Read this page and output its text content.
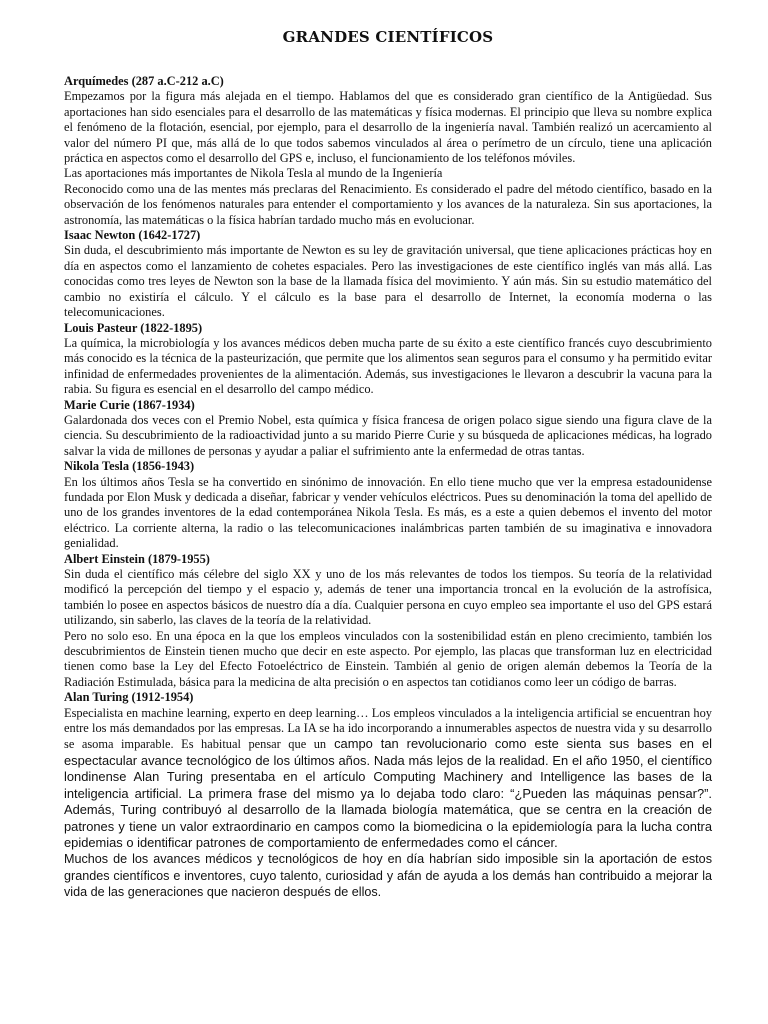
GRANDES CIENTÍFICOS

Arquímedes (287 a.C-212 a.C)

Empezamos por la figura más alejada en el tiempo. Hablamos del que es considerado gran científico de la Antigüedad. Sus aportaciones han sido esenciales para el desarrollo de las matemáticas y física modernas. El principio que lleva su nombre explica el fenómeno de la flotación, esencial, por ejemplo, para el desarrollo de la ingeniería naval. También realizó un acercamiento al valor del número PI que, más allá de lo que todos sabemos vinculados al área o perímetro de un círculo, tiene una aplicación práctica en aspectos como el desarrollo del GPS e, incluso, el funcionamiento de los teléfonos móviles.

Las aportaciones más importantes de Nikola Tesla al mundo de la Ingeniería

Reconocido como una de las mentes más preclaras del Renacimiento. Es considerado el padre del método científico, basado en la observación de los fenómenos naturales para entender el comportamiento y los avances de la naturaleza. Sin sus aportaciones, la astronomía, las matemáticas o la física habrían tardado mucho más en evolucionar.

Isaac Newton (1642-1727)

Sin duda, el descubrimiento más importante de Newton es su ley de gravitación universal, que tiene aplicaciones prácticas hoy en día en aspectos como el lanzamiento de cohetes espaciales. Pero las investigaciones de este científico inglés van más allá. Las conocidas como tres leyes de Newton son la base de la llamada física del movimiento. Y aún más. Sin su estudio matemático del cambio no existiría el cálculo. Y el cálculo es la base para el desarrollo de Internet, la economía moderna o las telecomunicaciones.

Louis Pasteur (1822-1895)

La química, la microbiología y los avances médicos deben mucha parte de su éxito a este científico francés cuyo descubrimiento más conocido es la técnica de la pasteurización, que permite que los alimentos sean seguros para el consumo y ha permitido evitar infinidad de enfermedades provenientes de la alimentación. Además, sus investigaciones le llevaron a descubrir la vacuna para la rabia. Su figura es esencial en el desarrollo del campo médico.

Marie Curie (1867-1934)

Galardonada dos veces con el Premio Nobel, esta química y física francesa de origen polaco sigue siendo una figura clave de la ciencia. Su descubrimiento de la radioactividad junto a su marido Pierre Curie y su búsqueda de aplicaciones médicas, ha logrado salvar la vida de millones de personas y ayudar a paliar el sufrimiento ante la enfermedad de otras tantas.

Nikola Tesla (1856-1943)

En los últimos años Tesla se ha convertido en sinónimo de innovación. En ello tiene mucho que ver la empresa estadounidense fundada por Elon Musk y dedicada a diseñar, fabricar y vender vehículos eléctricos. Pues su denominación la toma del apellido de uno de los grandes inventores de la edad contemporánea Nikola Tesla. Es más, es a este a quien debemos el invento del motor eléctrico. La corriente alterna, la radio o las telecomunicaciones inalámbricas parten también de su imaginativa e innovadora genialidad.

Albert Einstein (1879-1955)

Sin duda el científico más célebre del siglo XX y uno de los más relevantes de todos los tiempos. Su teoría de la relatividad modificó la percepción del tiempo y el espacio y, además de tener una importancia troncal en la evolución de la astrofísica, también lo posee en aspectos básicos de nuestro día a día. Cualquier persona en cuyo empleo sea importante el uso del GPS estará utilizando, sin saberlo, las claves de la teoría de la relatividad.

Pero no solo eso. En una época en la que los empleos vinculados con la sostenibilidad están en pleno crecimiento, también los descubrimientos de Einstein tienen mucho que decir en este aspecto. Por ejemplo, las placas que transforman luz en electricidad tienen como base la Ley del Efecto Fotoeléctrico de Einstein. También al genio de origen alemán debemos la Teoría de la Radiación Estimulada, básica para la medicina de alta precisión o en aspectos tan cotidianos como leer un código de barras.

Alan Turing (1912-1954)

Especialista en machine learning, experto en deep learning… Los empleos vinculados a la inteligencia artificial se encuentran hoy entre los más demandados por las empresas. La IA se ha ido incorporando a innumerables aspectos de nuestra vida y su desarrollo se asoma imparable. Es habitual pensar que un campo tan revolucionario como este sienta sus bases en el espectacular avance tecnológico de los últimos años. Nada más lejos de la realidad. En el año 1950, el científico londinense Alan Turing presentaba en el artículo Computing Machinery and Intelligence las bases de la inteligencia artificial. La primera frase del mismo ya lo dejaba todo claro: “¿Pueden las máquinas pensar?”. Además, Turing contribuyó al desarrollo de la llamada biología matemática, que se centra en la creación de patrones y tiene un valor extraordinario en campos como la biomedicina o la epidemiología para la lucha contra epidemias o identificar patrones de comportamiento de enfermedades como el cáncer.

Muchos de los avances médicos y tecnológicos de hoy en día habrían sido imposible sin la aportación de estos grandes científicos e inventores, cuyo talento, curiosidad y afán de ayuda a los demás han contribuido a mejorar la vida de las generaciones que nacieron después de ellos.
